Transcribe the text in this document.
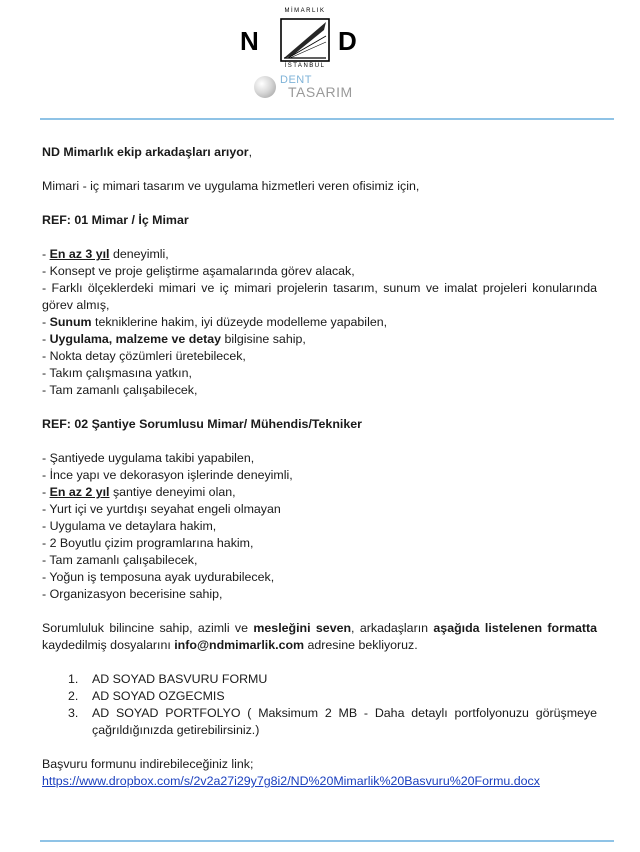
MİMARLIK
N	D
İSTANBUL
DENT
TASARIM

ND Mimarlık ekip arkadaşları arıyor,

Mimari - iç mimari tasarım ve uygulama hizmetleri veren ofisimiz için,

REF: 01 Mimar / İç Mimar

- En az 3 yıl deneyimli,

- Konsept ve proje geliştirme aşamalarında görev alacak,

- Farklı ölçeklerdeki mimari ve iç mimari projelerin tasarım, sunum ve imalat projeleri konularında görev almış,

- Sunum tekniklerine hakim, iyi düzeyde modelleme yapabilen,

- Uygulama, malzeme ve detay bilgisine sahip,

- Nokta detay çözümleri üretebilecek,

- Takım çalışmasına yatkın,

- Tam zamanlı çalışabilecek,

REF: 02 Şantiye Sorumlusu Mimar/ Mühendis/Tekniker

- Şantiyede uygulama takibi yapabilen,

- İnce yapı ve dekorasyon işlerinde deneyimli,

- En az 2 yıl şantiye deneyimi olan,

- Yurt içi ve yurtdışı seyahat engeli olmayan

- Uygulama ve detaylara hakim,

- 2 Boyutlu çizim programlarına hakim,

- Tam zamanlı çalışabilecek,

- Yoğun iş temposuna ayak uydurabilecek,

- Organizasyon becerisine sahip,

Sorumluluk bilincine sahip, azimli ve mesleğini seven, arkadaşların aşağıda listelenen formatta kaydedilmiş dosyalarını info@ndmimarlik.com adresine bekliyoruz.

1. AD SOYAD BASVURU FORMU
2. AD SOYAD OZGECMIS
3. AD SOYAD PORTFOLYO ( Maksimum 2 MB - Daha detaylı portfolyonuzu görüşmeye çağrıldığınızda getirebilirsiniz.)

Başvuru formunu indirebileceğiniz link;

https://www.dropbox.com/s/2v2a27i29y7g8i2/ND%20Mimarlik%20Basvuru%20Formu.docx
